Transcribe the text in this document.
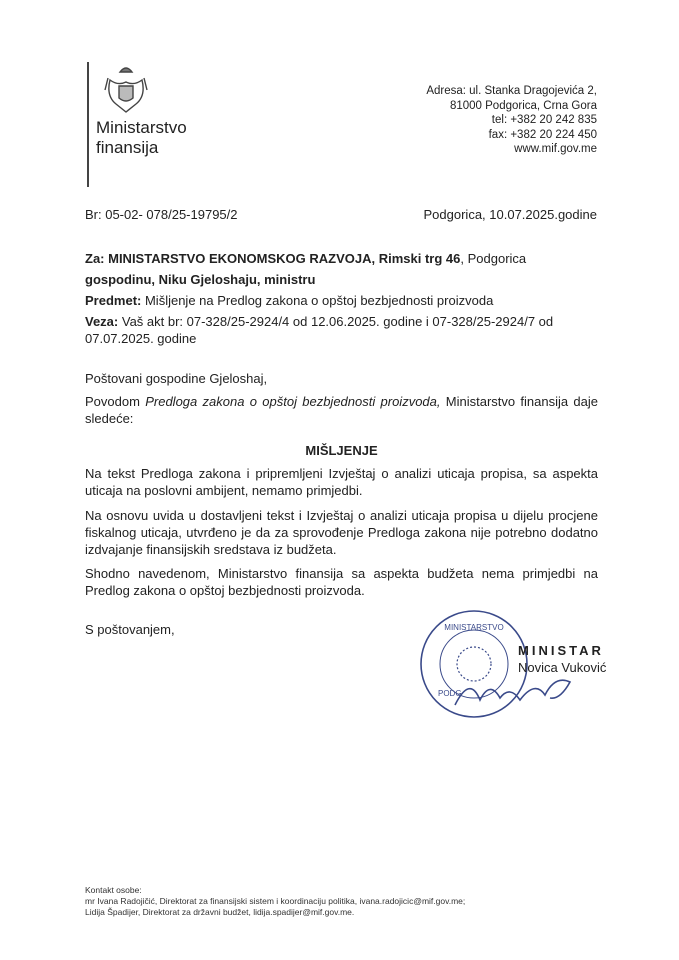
Ministarstvo
finansija
Adresa: ul. Stanka Dragojevića 2,
81000 Podgorica, Crna Gora
tel: +382 20 242 835
fax: +382 20 224 450
www.mif.gov.me
Br: 05-02- 078/25-19795/2	Podgorica, 10.07.2025.godine
Za: MINISTARSTVO EKONOMSKOG RAZVOJA, Rimski trg 46, Podgorica
gospodinu, Niku Gjeloshaju, ministru
Predmet: Mišljenje na Predlog zakona o opštoj bezbjednosti proizvoda
Veza: Vaš akt br: 07-328/25-2924/4 od 12.06.2025. godine i 07-328/25-2924/7 od 07.07.2025. godine
Poštovani gospodine Gjeloshaj,
Povodom Predloga zakona o opštoj bezbjednosti proizvoda, Ministarstvo finansija daje sledeće:
MIŠLJENJE
Na tekst Predloga zakona i pripremljeni Izvještaj o analizi uticaja propisa, sa aspekta uticaja na poslovni ambijent, nemamo primjedbi.
Na osnovu uvida u dostavljeni tekst i Izvještaj o analizi uticaja propisa u dijelu procjene fiskalnog uticaja, utvrđeno je da za sprovođenje Predloga zakona nije potrebno dodatno izdvajanje finansijskih sredstava iz budžeta.
Shodno navedenom, Ministarstvo finansija sa aspekta budžeta nema primjedbi na Predlog zakona o opštoj bezbjednosti proizvoda.
S poštovanjem,	MINISTARSTVO
PODG
MINISTAR
Novica Vuković
Kontakt osobe:
mr Ivana Radojičić, Direktorat za finansijski sistem i koordinaciju politika, ivana.radojicic@mif.gov.me;
Lidija Špadijer, Direktorat za državni budžet, lidija.spadijer@mif.gov.me.
